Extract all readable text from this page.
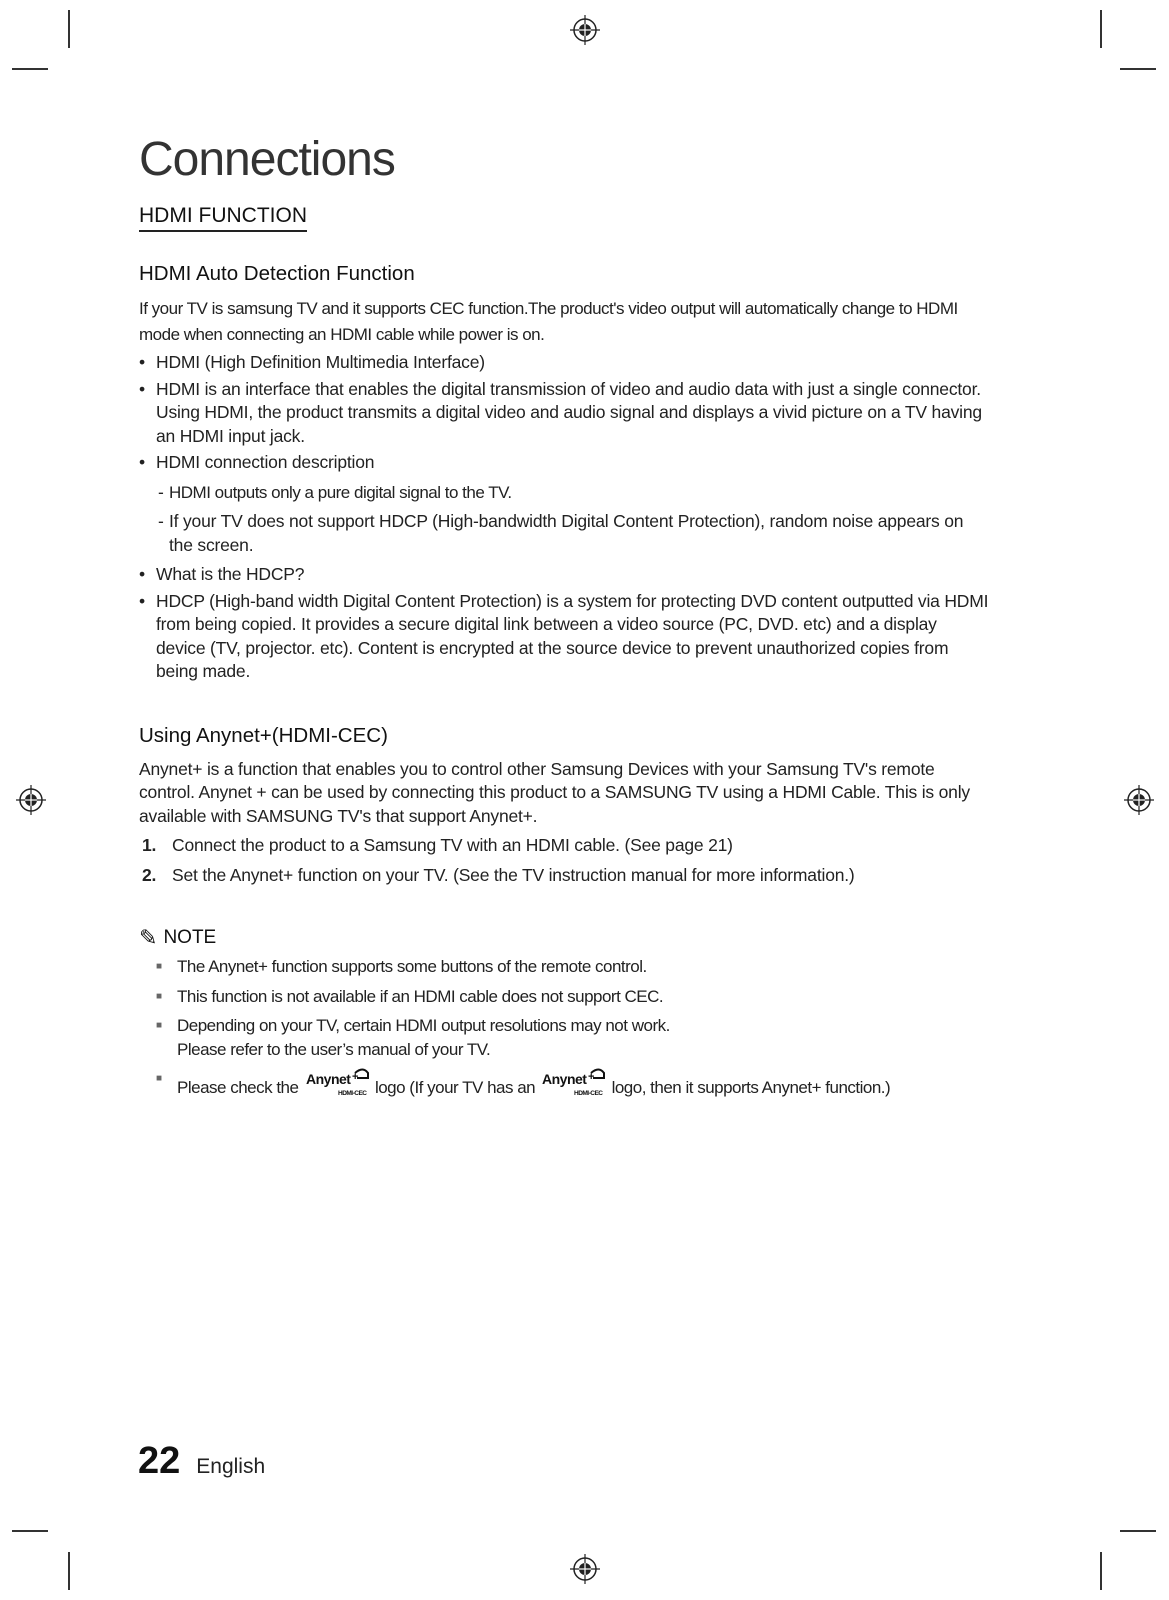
Connections
HDMI FUNCTION
HDMI Auto Detection Function

If your TV is samsung TV and it supports CEC function.The product's video output will automatically change to HDMI mode when connecting an HDMI cable while power is on.

• HDMI (High Definition Multimedia Interface)
• HDMI is an interface that enables the digital transmission of video and audio data with just a single connector. Using HDMI, the product transmits a digital video and audio signal and displays a vivid picture on a TV having an HDMI input jack.
• HDMI connection description
- HDMI outputs only a pure digital signal to the TV.
- If your TV does not support HDCP (High-bandwidth Digital Content Protection), random noise appears on the screen.
• What is the HDCP?
• HDCP (High-band width Digital Content Protection) is a system for protecting DVD content outputted via HDMI from being copied. It provides a secure digital link between a video source (PC, DVD. etc) and a display device (TV, projector. etc). Content is encrypted at the source device to prevent unauthorized copies from being made.
Using Anynet+(HDMI-CEC)

Anynet+ is a function that enables you to control other Samsung Devices with your Samsung TV's remote control. Anynet + can be used by connecting this product to a SAMSUNG TV using a HDMI Cable. This is only available with SAMSUNG TV's that support Anynet+.

1. Connect the product to a Samsung TV with an HDMI cable. (See page 21)
2. Set the Anynet+ function on your TV. (See the TV instruction manual for more information.)
✎ NOTE
■ The Anynet+ function supports some buttons of the remote control.
■ This function is not available if an HDMI cable does not support CEC.
■ Depending on your TV, certain HDMI output resolutions may not work.
Please refer to the user’s manual of your TV.
■ Please check the Anynet +
HDMI-CEC logo (If your TV has an Anynet +
HDMI-CEC logo, then it supports Anynet+ function.)
22 English
